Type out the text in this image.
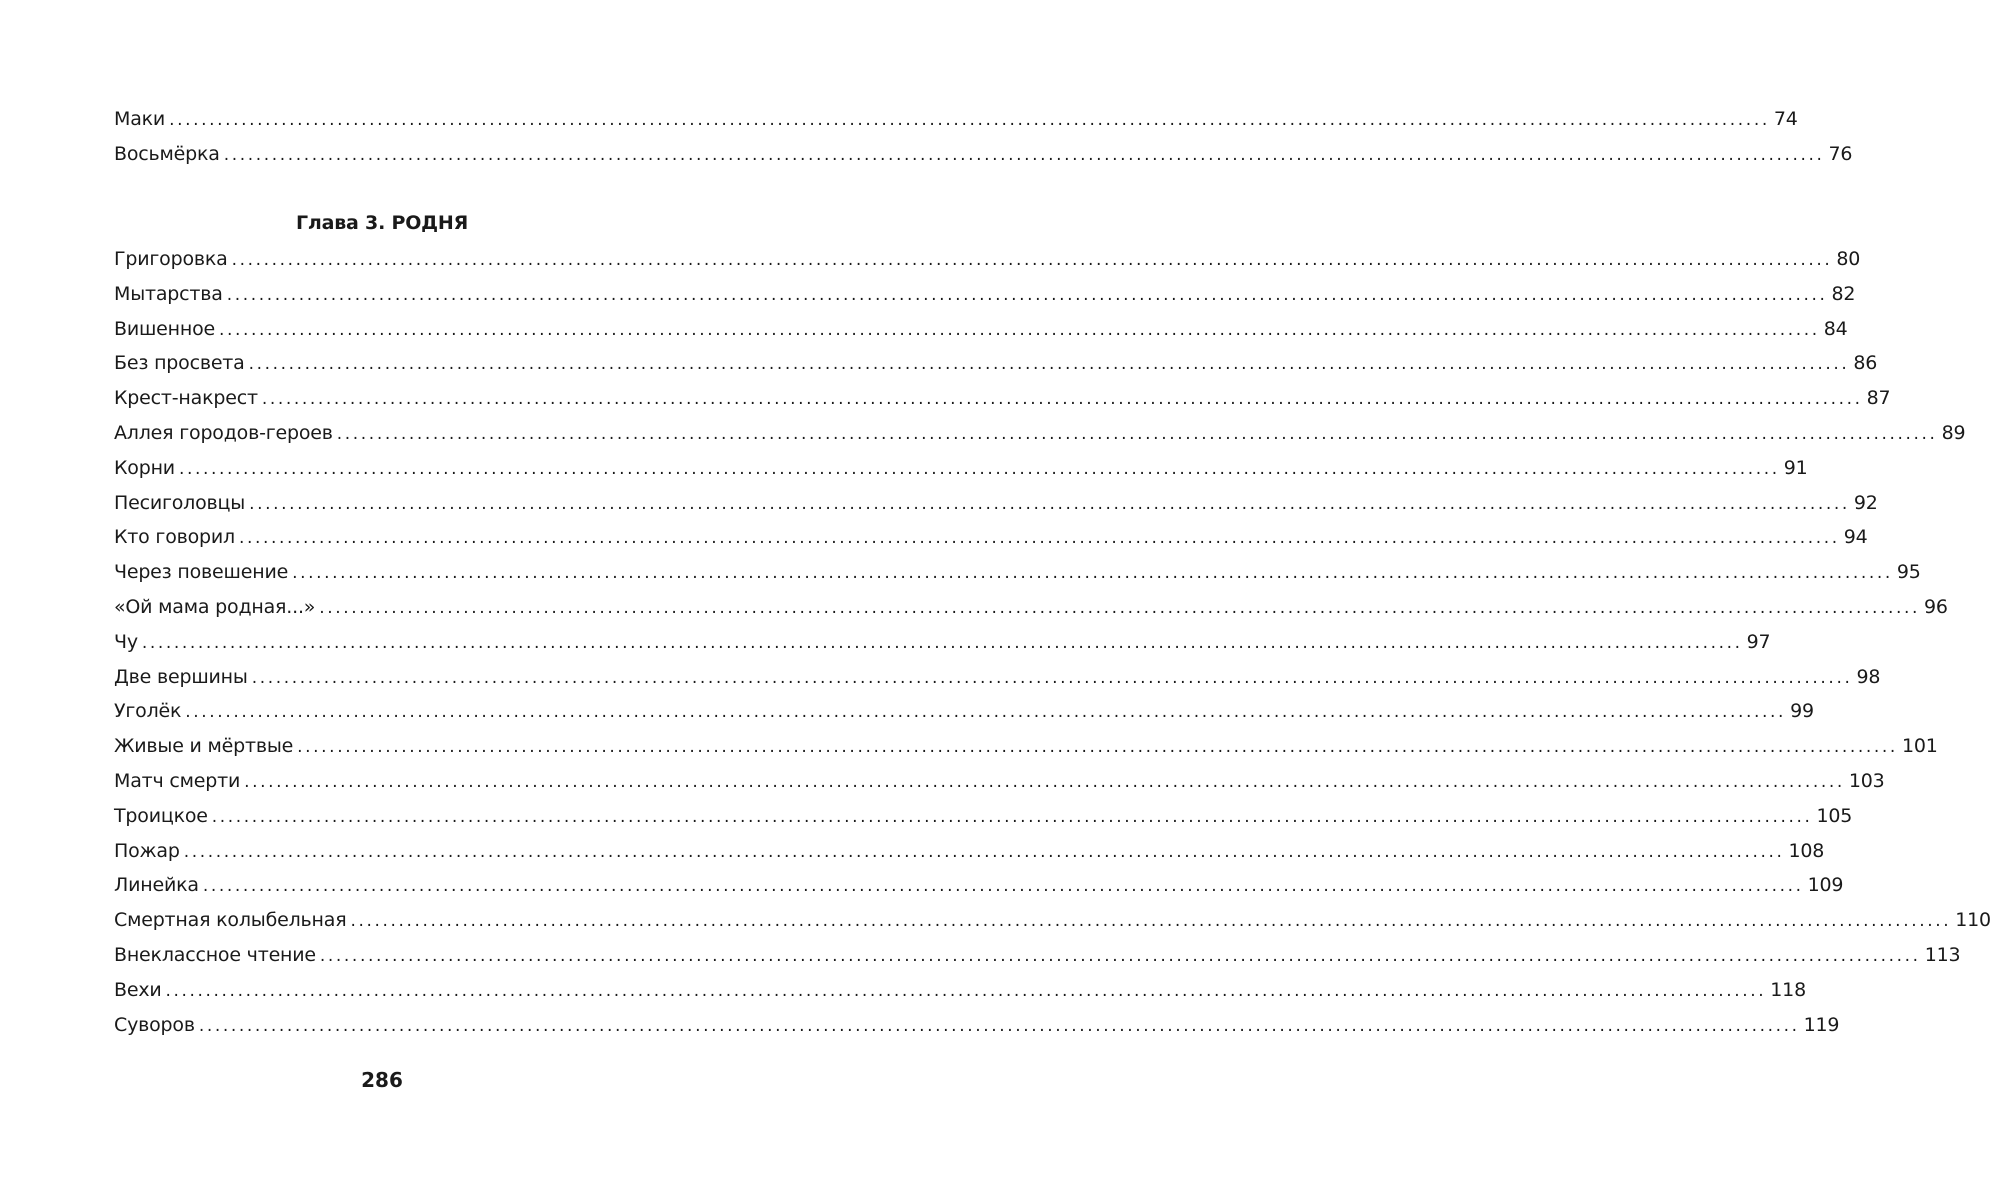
Маки ........................................................................................................................................................................................................ 74
Восьмёрка ........................................................................................................................................................................................................ 76
Глава 3. РОДНЯ
Григоровка ........................................................................................................................................................................................................ 80
Мытарства ........................................................................................................................................................................................................ 82
Вишенное ........................................................................................................................................................................................................ 84
Без просвета ........................................................................................................................................................................................................ 86
Крест-накрест ........................................................................................................................................................................................................ 87
Аллея городов-героев ........................................................................................................................................................................................................ 89
Корни ........................................................................................................................................................................................................ 91
Песиголовцы ........................................................................................................................................................................................................ 92
Кто говорил ........................................................................................................................................................................................................ 94
Через повешение ........................................................................................................................................................................................................ 95
«Ой мама родная...» ........................................................................................................................................................................................................ 96
Чу ........................................................................................................................................................................................................ 97
Две вершины ........................................................................................................................................................................................................ 98
Уголёк ........................................................................................................................................................................................................ 99
Живые и мёртвые ........................................................................................................................................................................................................ 101
Матч смерти ........................................................................................................................................................................................................ 103
Троицкое ........................................................................................................................................................................................................ 105
Пожар ........................................................................................................................................................................................................ 108
Линейка ........................................................................................................................................................................................................ 109
Смертная колыбельная ........................................................................................................................................................................................................ 110
Внеклассное чтение ........................................................................................................................................................................................................ 113
Вехи ........................................................................................................................................................................................................ 118
Суворов ........................................................................................................................................................................................................ 119
286
